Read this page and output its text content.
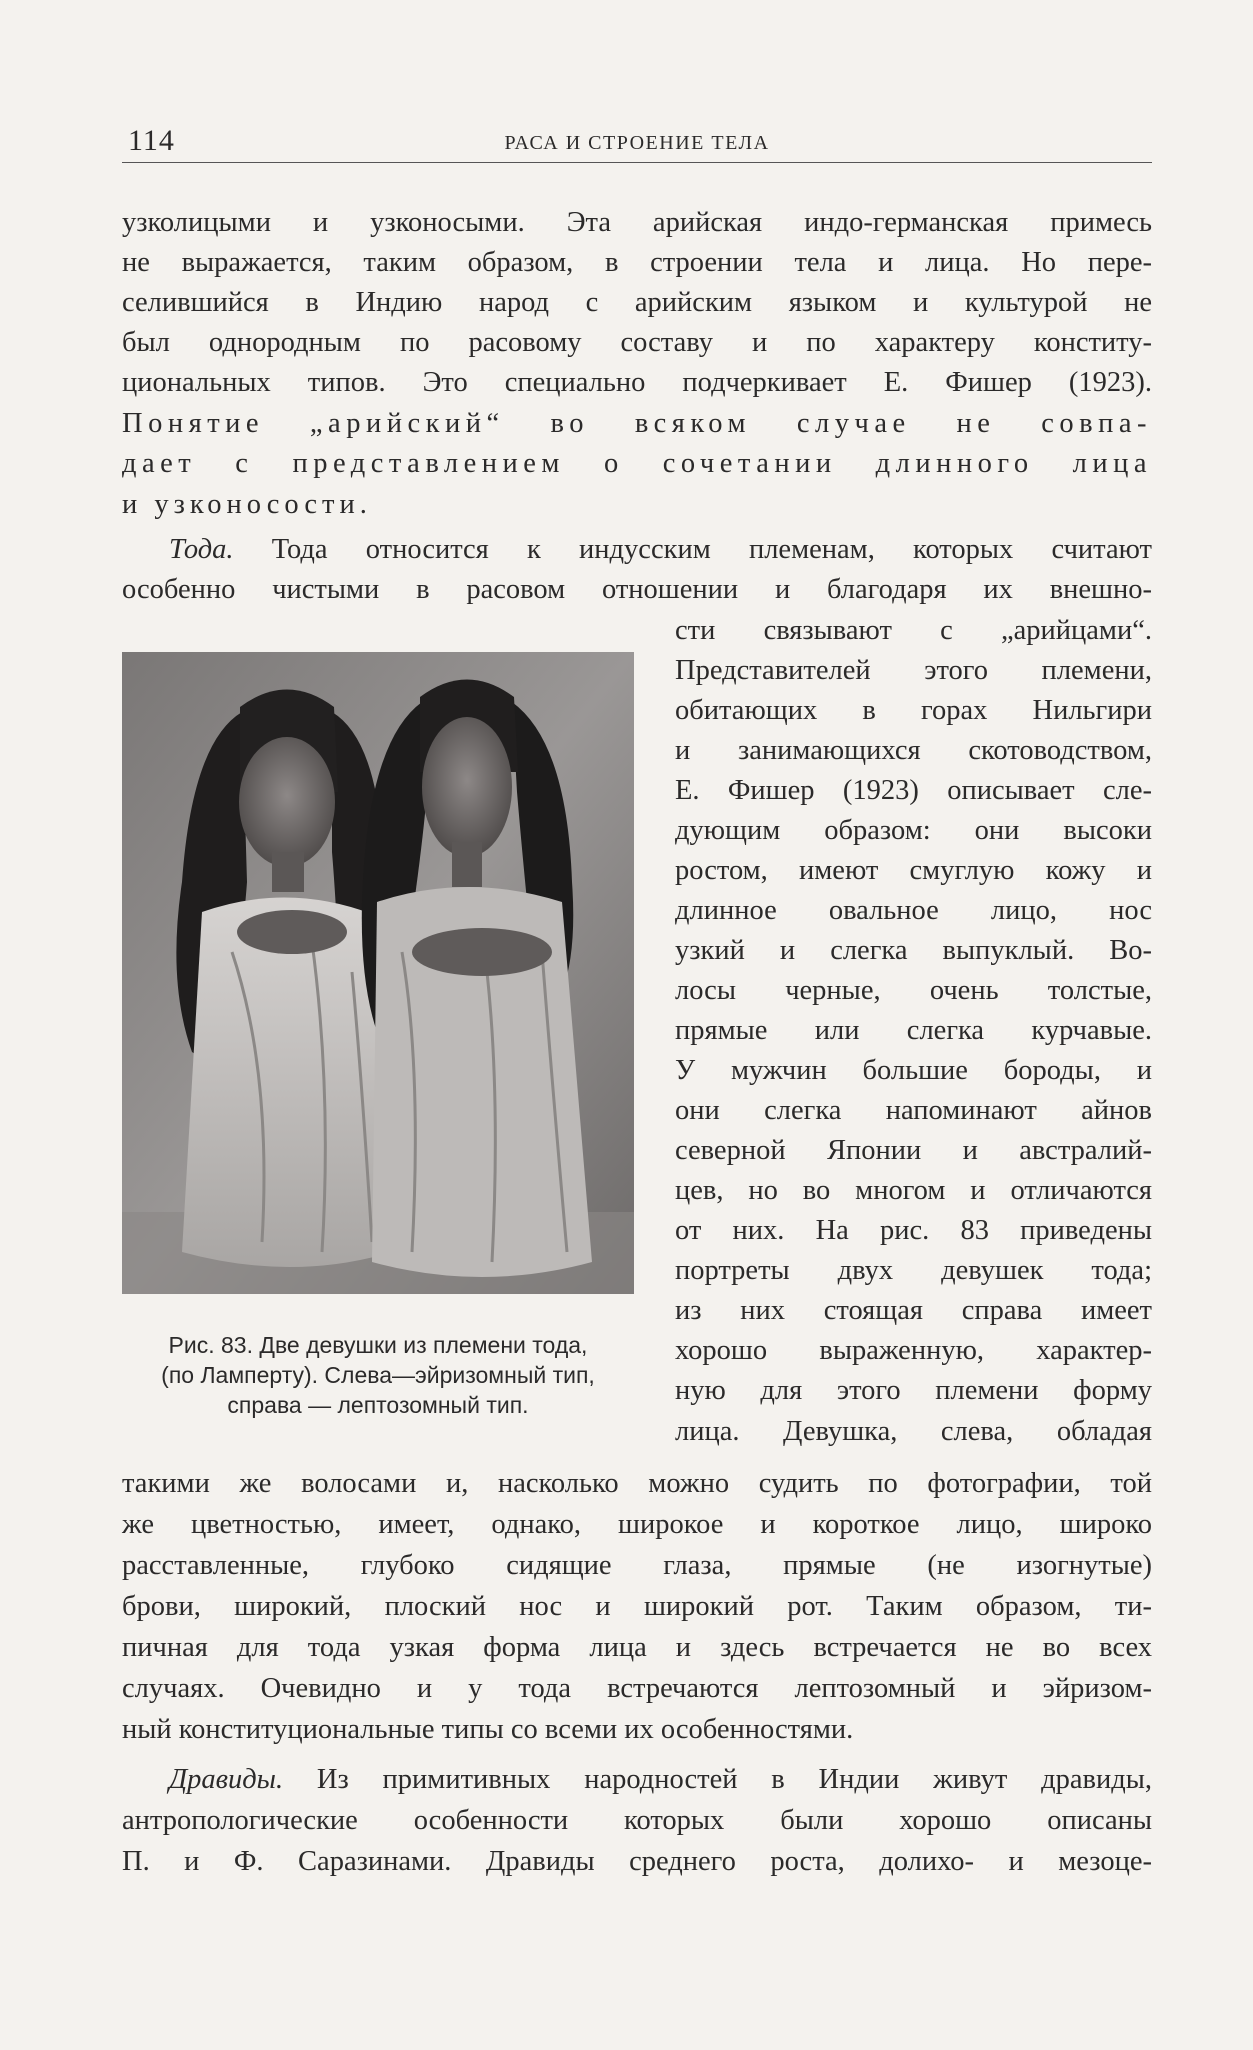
114	РАСА И СТРОЕНИЕ ТЕЛА
узколицыми и узконосыми. Эта арийская индо-германская примесь
не выражается, таким образом, в строении тела и лица. Но пере-
селившийся в Индию народ с арийским языком и культурой не
был однородным по расовому составу и по характеру конститу-
циональных типов. Это специально подчеркивает Е. Фишер (1923).
Понятие „арийский“ во всяком случае не совпа-
дает с представлением о сочетании длинного лица
и узконосости.
Тода. Тода относится к индусским племенам, которых считают
особенно чистыми в расовом отношении и благодаря их внешно-
сти связывают с „арийцами“.
Представителей этого племени,
обитающих в горах Нильгири
и занимающихся скотоводством,
Е. Фишер (1923) описывает сле-
дующим образом: они высоки
ростом, имеют смуглую кожу и
длинное овальное лицо, нос
узкий и слегка выпуклый. Во-
лосы черные, очень толстые,
прямые или слегка курчавые.
У мужчин большие бороды, и
они слегка напоминают айнов
северной Японии и австралий-
цев, но во многом и отличаются
от них. На рис. 83 приведены
портреты двух девушек тода;
из них стоящая справа имеет
хорошо выраженную, характер-
ную для этого племени форму
лица. Девушка, слева, обладая
Рис. 83. Две девушки из племени тода,
(по Ламперту). Слева—эйризомный тип,
справа — лептозомный тип.
такими же волосами и, насколько можно судить по фотографии, той
же цветностью, имеет, однако, широкое и короткое лицо, широко
расставленные, глубоко сидящие глаза, прямые (не изогнутые)
брови, широкий, плоский нос и широкий рот. Таким образом, ти-
пичная для тода узкая форма лица и здесь встречается не во всех
случаях. Очевидно и у тода встречаются лептозомный и эйризом-
ный конституциональные типы со всеми их особенностями.
Дравиды. Из примитивных народностей в Индии живут дравиды,
антропологические особенности которых были хорошо описаны
П. и Ф. Саразинами. Дравиды среднего роста, долихо- и мезоце-
